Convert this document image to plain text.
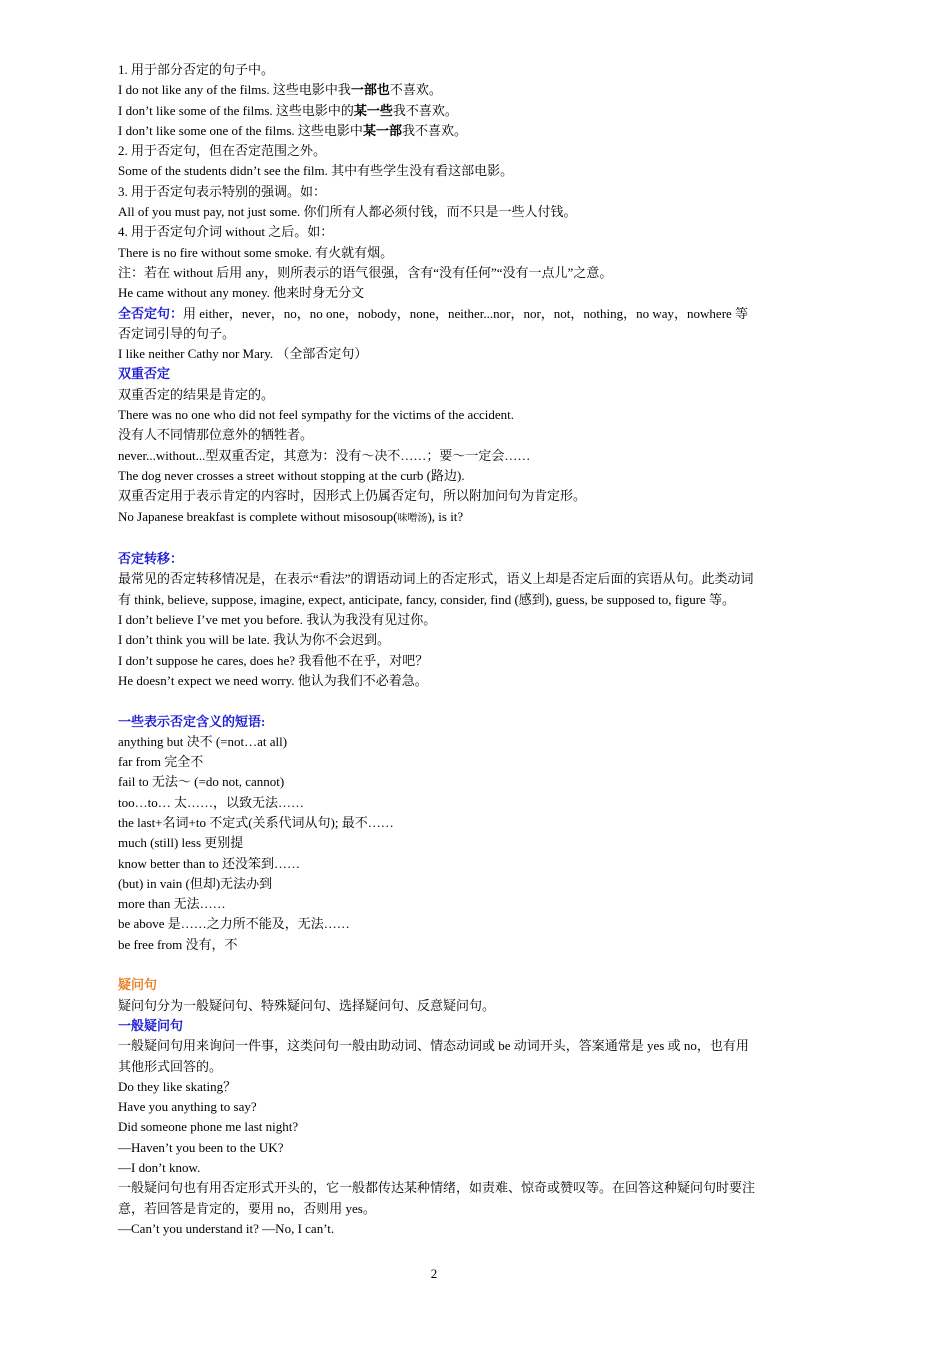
1. 用于部分否定的句子中。
I do not like any of the films. 这些电影中我一部也不喜欢。
I don’t like some of the films. 这些电影中的某一些我不喜欢。
I don’t like some one of the films. 这些电影中某一部我不喜欢。
2. 用于否定句，但在否定范围之外。
Some of the students didn’t see the film. 其中有些学生没有看这部电影。
3. 用于否定句表示特别的强调。如：
All of you must pay, not just some. 你们所有人都必须付钱，而不只是一些人付钱。
4. 用于否定句介词 without 之后。如：
There is no fire without some smoke. 有火就有烟。
注：若在 without 后用 any，则所表示的语气很强，含有“没有任何”“没有一点儿”之意。
He came without any money. 他来时身无分文
全否定句：用 either，never，no，no one，nobody，none，neither...nor，nor，not，nothing，no way，nowhere 等否定词引导的句子。
I like neither Cathy nor Mary. （全部否定句）
双重否定
双重否定的结果是肯定的。
There was no one who did not feel sympathy for the victims of the accident.
没有人不同情那位意外的牺牲者。
never...without...型双重否定，其意为：没有～决不……；要～一定会……
The dog never crosses a street without stopping at the curb (路边).
双重否定用于表示肯定的内容时，因形式上仍属否定句，所以附加问句为肯定形。
No Japanese breakfast is complete without misosoup(味噌汤), is it?
否定转移：
最常见的否定转移情况是，在表示“看法”的谓语动词上的否定形式，语义上却是否定后面的宾语从句。此类动词有 think, believe, suppose, imagine, expect, anticipate, fancy, consider, find (感到), guess, be supposed to, figure 等。
I don’t believe I’ve met you before. 我认为我没有见过你。
I don’t think you will be late. 我认为你不会迟到。
I don’t suppose he cares, does he? 我看他不在乎，对吧？
He doesn’t expect we need worry. 他认为我们不必着急。
一些表示否定含义的短语:
anything but 决不 (=not…at all)
far from 完全不
fail to 无法～ (=do not, cannot)
too…to… 太……，以致无法……
the last+名词+to 不定式(关系代词从句); 最不……
much (still) less 更别提
know better than to 还没笨到……
(but) in vain (但却)无法办到
more than 无法……
be above 是……之力所不能及，无法……
be free from 没有，不
疑问句
疑问句分为一般疑问句、特殊疑问句、选择疑问句、反意疑问句。
一般疑问句
一般疑问句用来询问一件事，这类问句一般由助动词、情态动词或 be 动词开头，答案通常是 yes 或 no，也有用其他形式回答的。
Do they like skating？
Have you anything to say?
Did someone phone me last night?
—Haven’t you been to the UK?
—I don’t know.
一般疑问句也有用否定形式开头的，它一般都传达某种情绪，如责难、惊奇或赞叹等。在回答这种疑问句时要注意，若回答是肯定的，要用 no，否则用 yes。
—Can’t you understand it? —No, I can’t.
2
